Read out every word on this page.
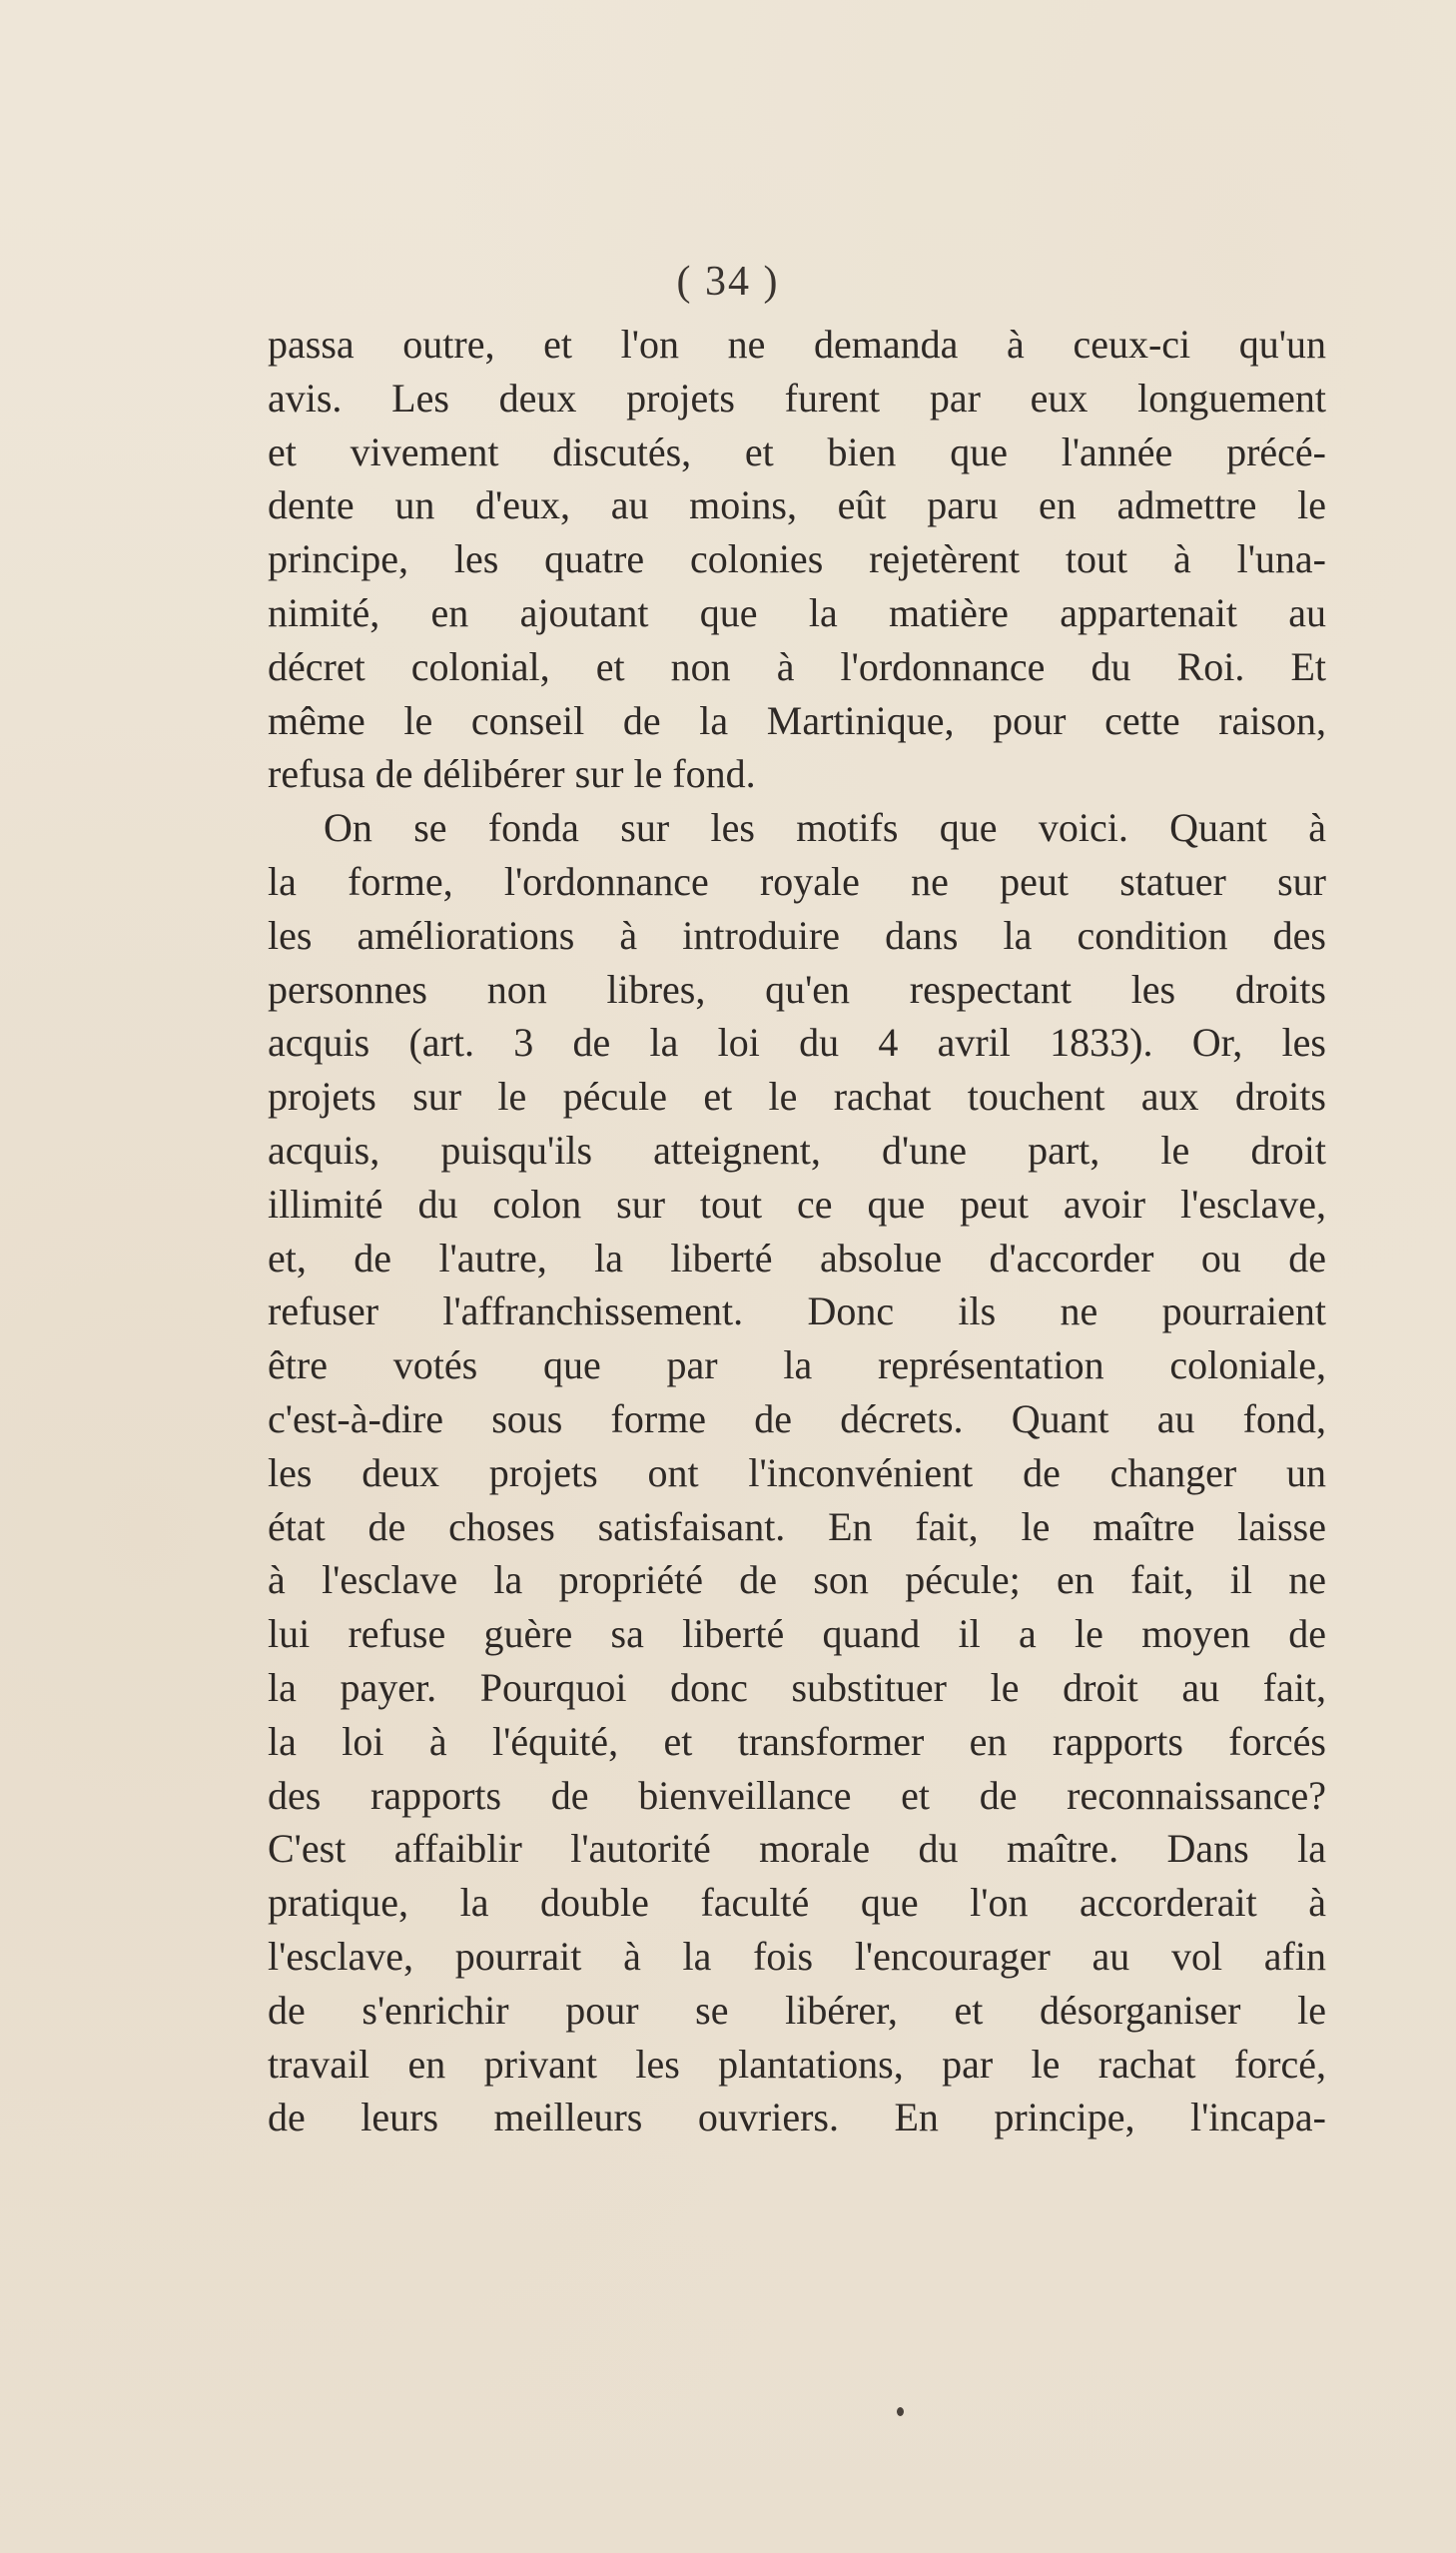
( 34 )
passa outre, et l'on ne demanda à ceux-ci qu'un
avis. Les deux projets furent par eux longuement
et vivement discutés, et bien que l'année précé-
dente un d'eux, au moins, eût paru en admettre le
principe, les quatre colonies rejetèrent tout à l'una-
nimité, en ajoutant que la matière appartenait au
décret colonial, et non à l'ordonnance du Roi. Et
même le conseil de la Martinique, pour cette raison,
refusa de délibérer sur le fond.
On se fonda sur les motifs que voici. Quant à
la forme, l'ordonnance royale ne peut statuer sur
les améliorations à introduire dans la condition des
personnes non libres, qu'en respectant les droits
acquis (art. 3 de la loi du 4 avril 1833). Or, les
projets sur le pécule et le rachat touchent aux droits
acquis, puisqu'ils atteignent, d'une part, le droit
illimité du colon sur tout ce que peut avoir l'esclave,
et, de l'autre, la liberté absolue d'accorder ou de
refuser l'affranchissement. Donc ils ne pourraient
être votés que par la représentation coloniale,
c'est-à-dire sous forme de décrets. Quant au fond,
les deux projets ont l'inconvénient de changer un
état de choses satisfaisant. En fait, le maître laisse
à l'esclave la propriété de son pécule; en fait, il ne
lui refuse guère sa liberté quand il a le moyen de
la payer. Pourquoi donc substituer le droit au fait,
la loi à l'équité, et transformer en rapports forcés
des rapports de bienveillance et de reconnaissance?
C'est affaiblir l'autorité morale du maître. Dans la
pratique, la double faculté que l'on accorderait à
l'esclave, pourrait à la fois l'encourager au vol afin
de s'enrichir pour se libérer, et désorganiser le
travail en privant les plantations, par le rachat forcé,
de leurs meilleurs ouvriers. En principe, l'incapa-
